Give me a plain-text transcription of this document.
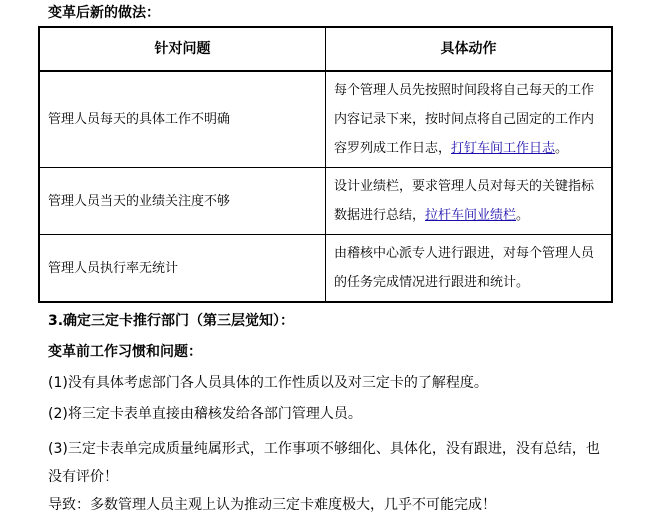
变革后新的做法：
针对问题	具体动作
管理人员每天的具体工作不明确	每个管理人员先按照时间段将自己每天的工作内容记录下来，按时间点将自己固定的工作内容罗列成工作日志，打钉车间工作日志。
管理人员当天的业绩关注度不够	设计业绩栏，要求管理人员对每天的关键指标数据进行总结，拉杆车间业绩栏。
管理人员执行率无统计	由稽核中心派专人进行跟进，对每个管理人员的任务完成情况进行跟进和统计。
3.确定三定卡推行部门（第三层觉知）：
变革前工作习惯和问题：
(1)没有具体考虑部门各人员具体的工作性质以及对三定卡的了解程度。
(2)将三定卡表单直接由稽核发给各部门管理人员。
(3)三定卡表单完成质量纯属形式，工作事项不够细化、具体化，没有跟进，没有总结，也没有评价！
导致：多数管理人员主观上认为推动三定卡难度极大，几乎不可能完成！
